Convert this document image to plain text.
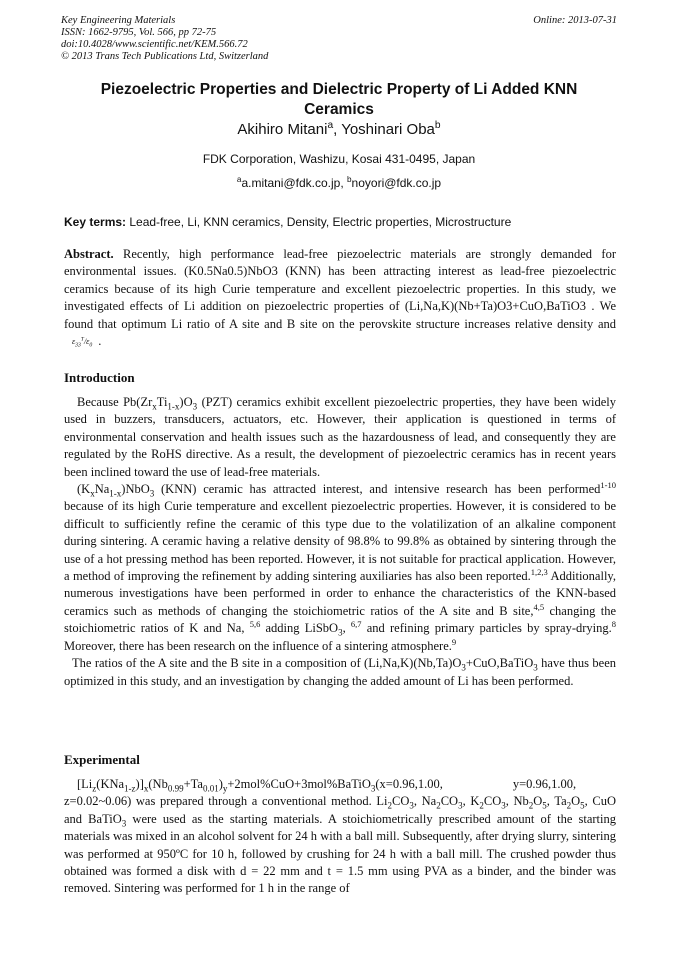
Key Engineering Materials
ISSN: 1662-9795, Vol. 566, pp 72-75
doi:10.4028/www.scientific.net/KEM.566.72
© 2013 Trans Tech Publications Ltd, Switzerland
Online: 2013-07-31
Piezoelectric Properties and Dielectric Property of Li Added KNN Ceramics
Akihiro Mitani$^a$, Yoshinari Oba$^b$
FDK Corporation, Washizu, Kosai 431-0495, Japan
$^a$a.mitani@fdk.co.jp, $^b$noyori@fdk.co.jp
Key terms: Lead-free, Li, KNN ceramics, Density, Electric properties, Microstructure
Abstract. Recently, high performance lead-free piezoelectric materials are strongly demanded for environmental issues. (K0.5Na0.5)NbO3 (KNN) has been attracting interest as lead-free piezoelectric ceramics because of its high Curie temperature and excellent piezoelectric properties. In this study, we investigated effects of Li addition on piezoelectric properties of (Li,Na,K)(Nb+Ta)O3+CuO,BaTiO3 . We found that optimum Li ratio of A site and B site on the perovskite structure increases relative density $and\varepsilon_{33}^T/\varepsilon_0$ .
Introduction

Because $Pb(Zr_xTi_{1-x})O_3$ (PZT) ceramics exhibit excellent piezoelectric properties, they have been widely used in buzzers, transducers, actuators, etc. However, their application is questioned in terms of environmental conservation and health issues such as the hazardousness of lead, and consequently they are regulated by the RoHS directive. As a result, the development of piezoelectric ceramics has in recent years been inclined toward the use of lead-free materials.

$(K_xNa_{1-x})NbO_3$ (KNN) ceramic has attracted interest, and intensive research has been performed$^{1-10}$ because of its high Curie temperature and excellent piezoelectric properties. However, it is considered to be difficult to sufficiently refine the ceramic of this type due to the volatilization of an alkaline component during sintering. A ceramic having a relative density of 98.8% to 99.8% as obtained by sintering through the use of a hot pressing method has been reported. However, it is not suitable for practical application. However, a method of improving the refinement by adding sintering auxiliaries has also been reported.$^{1,2,3}$ Additionally, numerous investigations have been performed in order to enhance the characteristics of the KNN-based ceramics such as methods of changing the stoichiometric ratios of the A site and B site,$^{4,5}$ changing the stoichiometric ratios of K and Na, $^{5,6}$ adding LiSbO$_3$, $^{6,7}$ and refining primary particles by spray-drying.$^8$ Moreover, there has been research on the influence of a sintering atmosphere.$^9$

The ratios of the A site and the B site in a composition of $(Li,Na,K)(Nb,Ta)O_3+CuO,BaTiO_3$ have thus been optimized in this study, and an investigation by changing the added amount of Li has been performed.

Experimental

$[Li_z(KNa_{1-z})]_x(Nb_{0.99}+Ta_{0.01})_y+2mol\%CuO+3mol\%BaTiO_3(x=0.96,1.00$,	y=0.96,1.00, z=0.02~0.06) was prepared through a conventional method. $Li_2CO_3$, $Na_2CO_3$, $K_2CO_3$, $Nb_2O_5$, $Ta_2O_5$, CuO and BaTiO$_3$ were used as the starting materials. A stoichiometrically prescribed amount of the starting materials was mixed in an alcohol solvent for 24 h with a ball mill. Subsequently, after drying slurry, sintering was performed at 950ºC for 10 h, followed by crushing for 24 h with a ball mill. The crushed powder thus obtained was formed a disk with d = 22 mm and t = 1.5 mm using PVA as a binder, and the binder was removed. Sintering was performed for 1 h in the range of
